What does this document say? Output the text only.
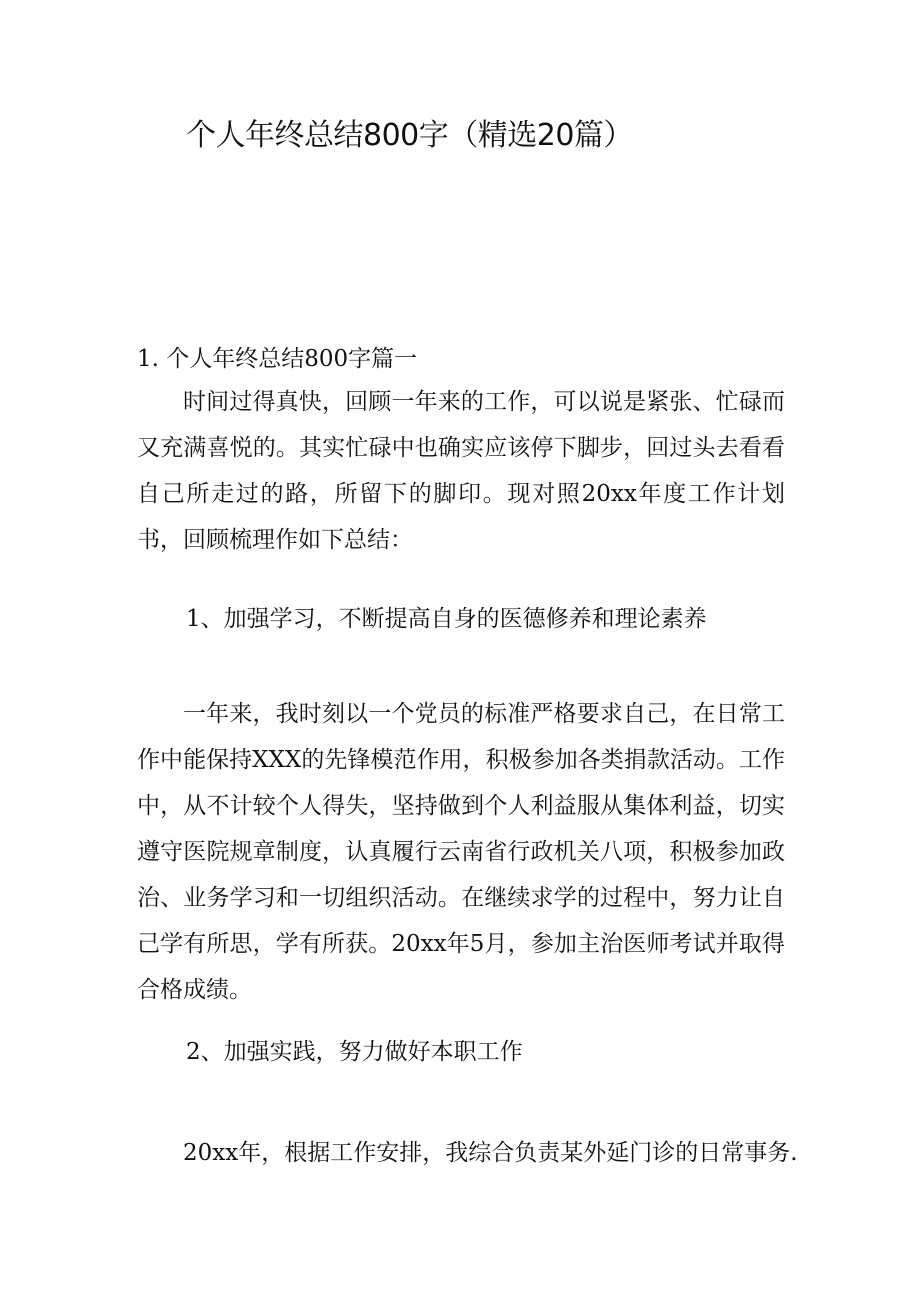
个人年终总结800字（精选20篇）
1. 个人年终总结800字篇一

时间过得真快，回顾一年来的工作，可以说是紧张、忙碌而又充满喜悦的。其实忙碌中也确实应该停下脚步，回过头去看看自己所走过的路，所留下的脚印。现对照20xx年度工作计划书，回顾梳理作如下总结：

1、加强学习，不断提高自身的医德修养和理论素养

一年来，我时刻以一个党员的标准严格要求自己，在日常工作中能保持XXX的先锋模范作用，积极参加各类捐款活动。工作中，从不计较个人得失，坚持做到个人利益服从集体利益，切实遵守医院规章制度，认真履行云南省行政机关八项，积极参加政治、业务学习和一切组织活动。在继续求学的过程中，努力让自己学有所思，学有所获。20xx年5月，参加主治医师考试并取得合格成绩。

2、加强实践，努力做好本职工作

20xx年，根据工作安排，我综合负责某外延门诊的日常事务.
